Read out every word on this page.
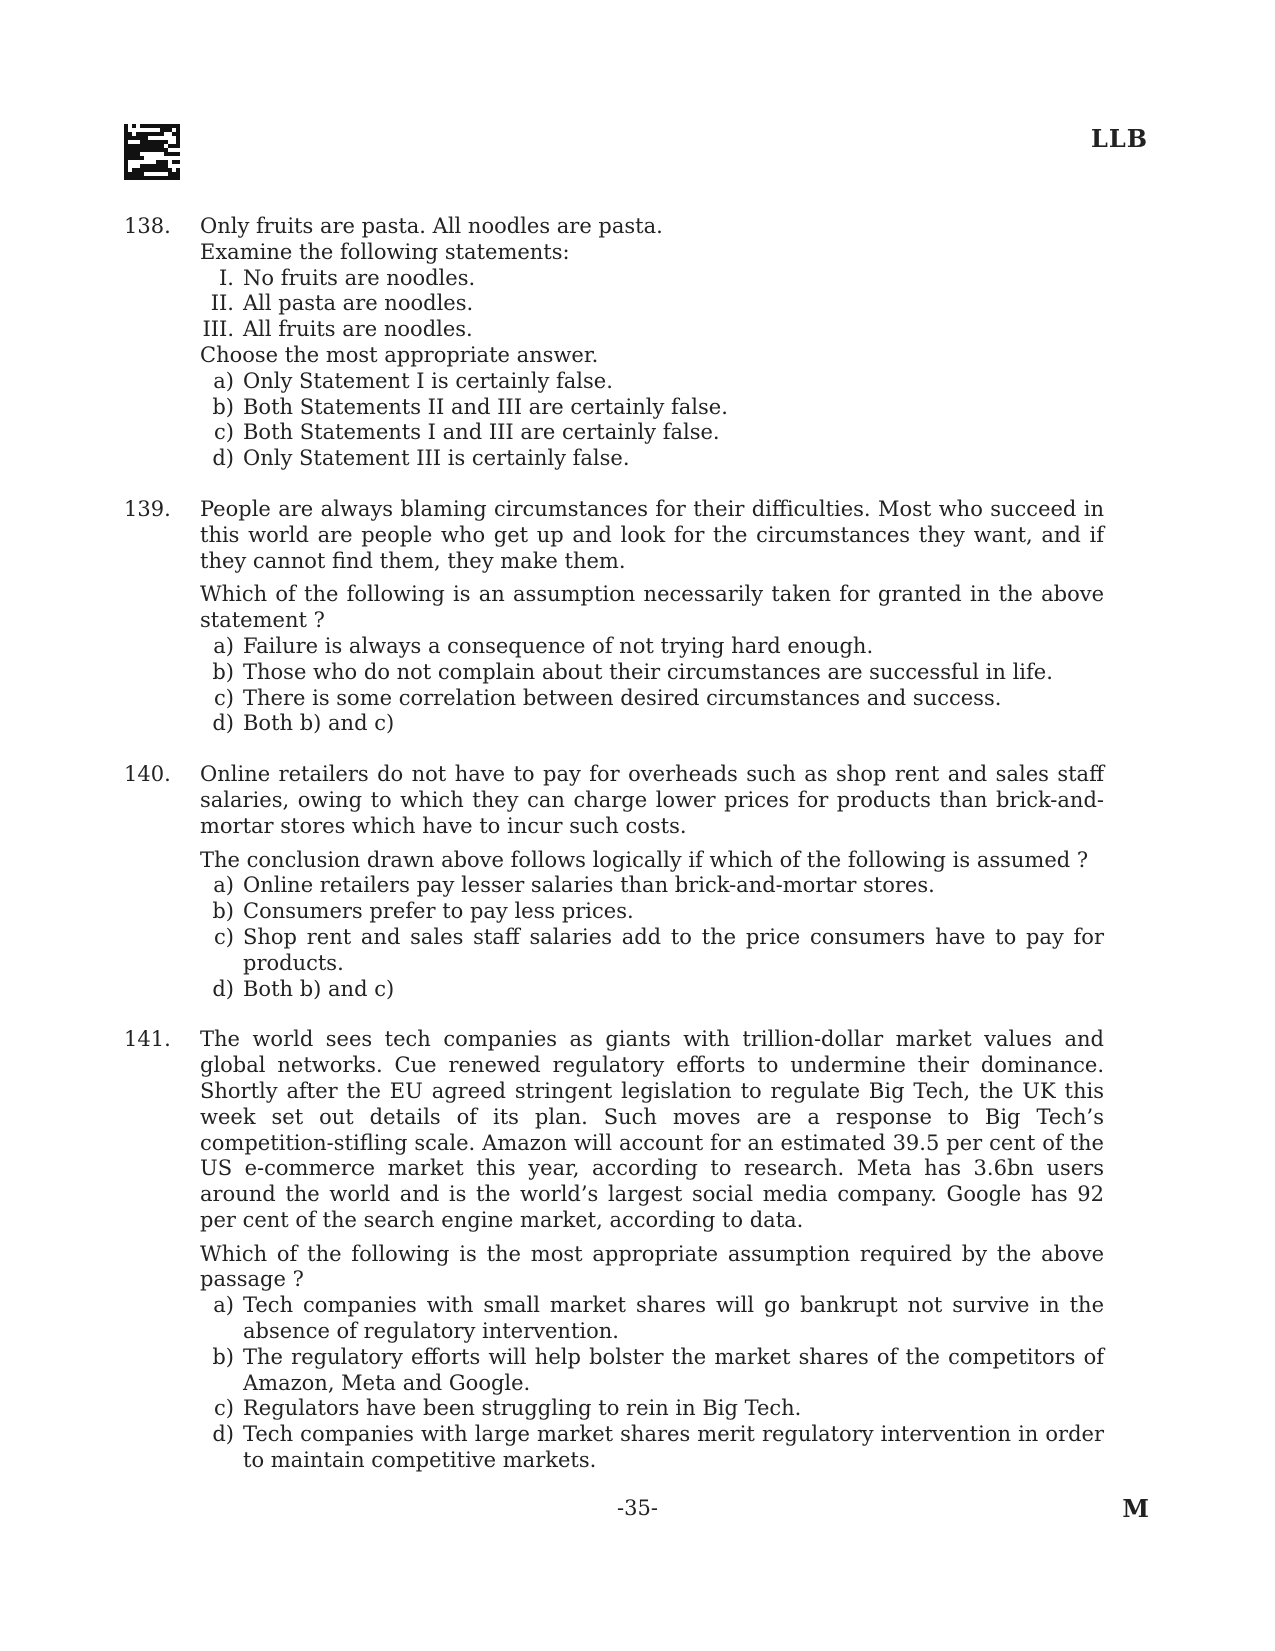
LLB
138.	Only fruits are pasta. All noodles are pasta.
Examine the following statements:
I. No fruits are noodles.
II. All pasta are noodles.
III. All fruits are noodles.
Choose the most appropriate answer.
a) Only Statement I is certainly false.
b) Both Statements II and III are certainly false.
c) Both Statements I and III are certainly false.
d) Only Statement III is certainly false.
139.	People are always blaming circumstances for their difficulties. Most who succeed in this world are people who get up and look for the circumstances they want, and if they cannot find them, they make them.
Which of the following is an assumption necessarily taken for granted in the above statement ?
a) Failure is always a consequence of not trying hard enough.
b) Those who do not complain about their circumstances are successful in life.
c) There is some correlation between desired circumstances and success.
d) Both b) and c)
140.	Online retailers do not have to pay for overheads such as shop rent and sales staff salaries, owing to which they can charge lower prices for products than brick-and-mortar stores which have to incur such costs.
The conclusion drawn above follows logically if which of the following is assumed ?
a) Online retailers pay lesser salaries than brick-and-mortar stores.
b) Consumers prefer to pay less prices.
c) Shop rent and sales staff salaries add to the price consumers have to pay for products.
d) Both b) and c)
141.	The world sees tech companies as giants with trillion-dollar market values and global networks. Cue renewed regulatory efforts to undermine their dominance. Shortly after the EU agreed stringent legislation to regulate Big Tech, the UK this week set out details of its plan. Such moves are a response to Big Tech’s competition-stifling scale. Amazon will account for an estimated 39.5 per cent of the US e-commerce market this year, according to research. Meta has 3.6bn users around the world and is the world’s largest social media company. Google has 92 per cent of the search engine market, according to data.
Which of the following is the most appropriate assumption required by the above passage ?
a) Tech companies with small market shares will go bankrupt not survive in the absence of regulatory intervention.
b) The regulatory efforts will help bolster the market shares of the competitors of Amazon, Meta and Google.
c) Regulators have been struggling to rein in Big Tech.
d) Tech companies with large market shares merit regulatory intervention in order to maintain competitive markets.
-35-	M
